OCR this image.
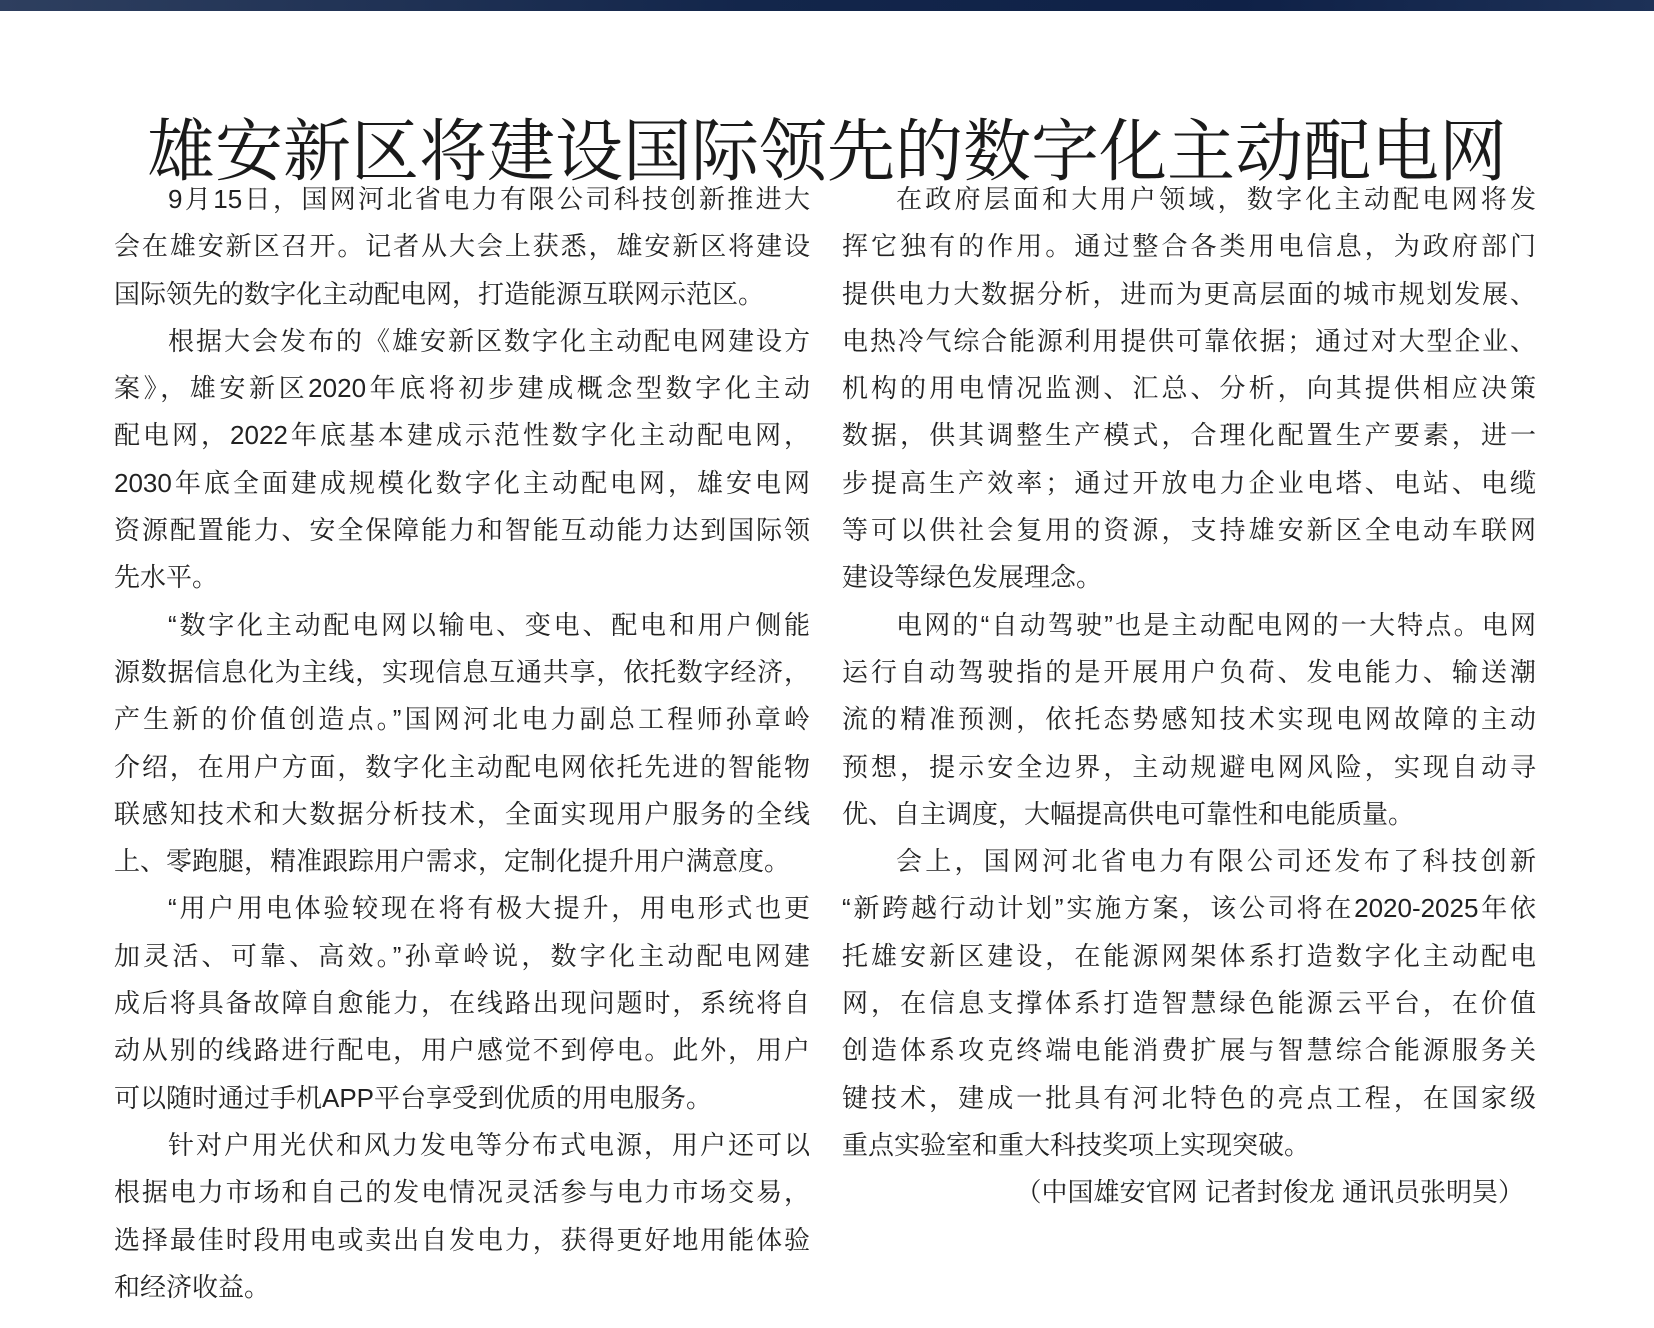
雄安新区将建设国际领先的数字化主动配电网
9月15日，国网河北省电力有限公司科技创新推进大
会在雄安新区召开。记者从大会上获悉，雄安新区将建设
国际领先的数字化主动配电网，打造能源互联网示范区。
根据大会发布的《雄安新区数字化主动配电网建设方
案》，雄安新区2020年底将初步建成概念型数字化主动
配电网，2022年底基本建成示范性数字化主动配电网，
2030年底全面建成规模化数字化主动配电网，雄安电网
资源配置能力、安全保障能力和智能互动能力达到国际领
先水平。
“数字化主动配电网以输电、变电、配电和用户侧能
源数据信息化为主线，实现信息互通共享，依托数字经济，
产生新的价值创造点。”国网河北电力副总工程师孙章岭
介绍，在用户方面，数字化主动配电网依托先进的智能物
联感知技术和大数据分析技术，全面实现用户服务的全线
上、零跑腿，精准跟踪用户需求，定制化提升用户满意度。
“用户用电体验较现在将有极大提升，用电形式也更
加灵活、可靠、高效。”孙章岭说，数字化主动配电网建
成后将具备故障自愈能力，在线路出现问题时，系统将自
动从别的线路进行配电，用户感觉不到停电。此外，用户
可以随时通过手机APP平台享受到优质的用电服务。
针对户用光伏和风力发电等分布式电源，用户还可以
根据电力市场和自己的发电情况灵活参与电力市场交易，
选择最佳时段用电或卖出自发电力，获得更好地用能体验
和经济收益。
在政府层面和大用户领域，数字化主动配电网将发
挥它独有的作用。通过整合各类用电信息，为政府部门
提供电力大数据分析，进而为更高层面的城市规划发展、
电热冷气综合能源利用提供可靠依据；通过对大型企业、
机构的用电情况监测、汇总、分析，向其提供相应决策
数据，供其调整生产模式，合理化配置生产要素，进一
步提高生产效率；通过开放电力企业电塔、电站、电缆
等可以供社会复用的资源，支持雄安新区全电动车联网
建设等绿色发展理念。
电网的“自动驾驶”也是主动配电网的一大特点。电网
运行自动驾驶指的是开展用户负荷、发电能力、输送潮
流的精准预测，依托态势感知技术实现电网故障的主动
预想，提示安全边界，主动规避电网风险，实现自动寻
优、自主调度，大幅提高供电可靠性和电能质量。
会上，国网河北省电力有限公司还发布了科技创新
“新跨越行动计划”实施方案，该公司将在2020-2025年依
托雄安新区建设，在能源网架体系打造数字化主动配电
网，在信息支撑体系打造智慧绿色能源云平台，在价值
创造体系攻克终端电能消费扩展与智慧综合能源服务关
键技术，建成一批具有河北特色的亮点工程，在国家级
重点实验室和重大科技奖项上实现突破。
（中国雄安官网 记者封俊龙 通讯员张明昊）
